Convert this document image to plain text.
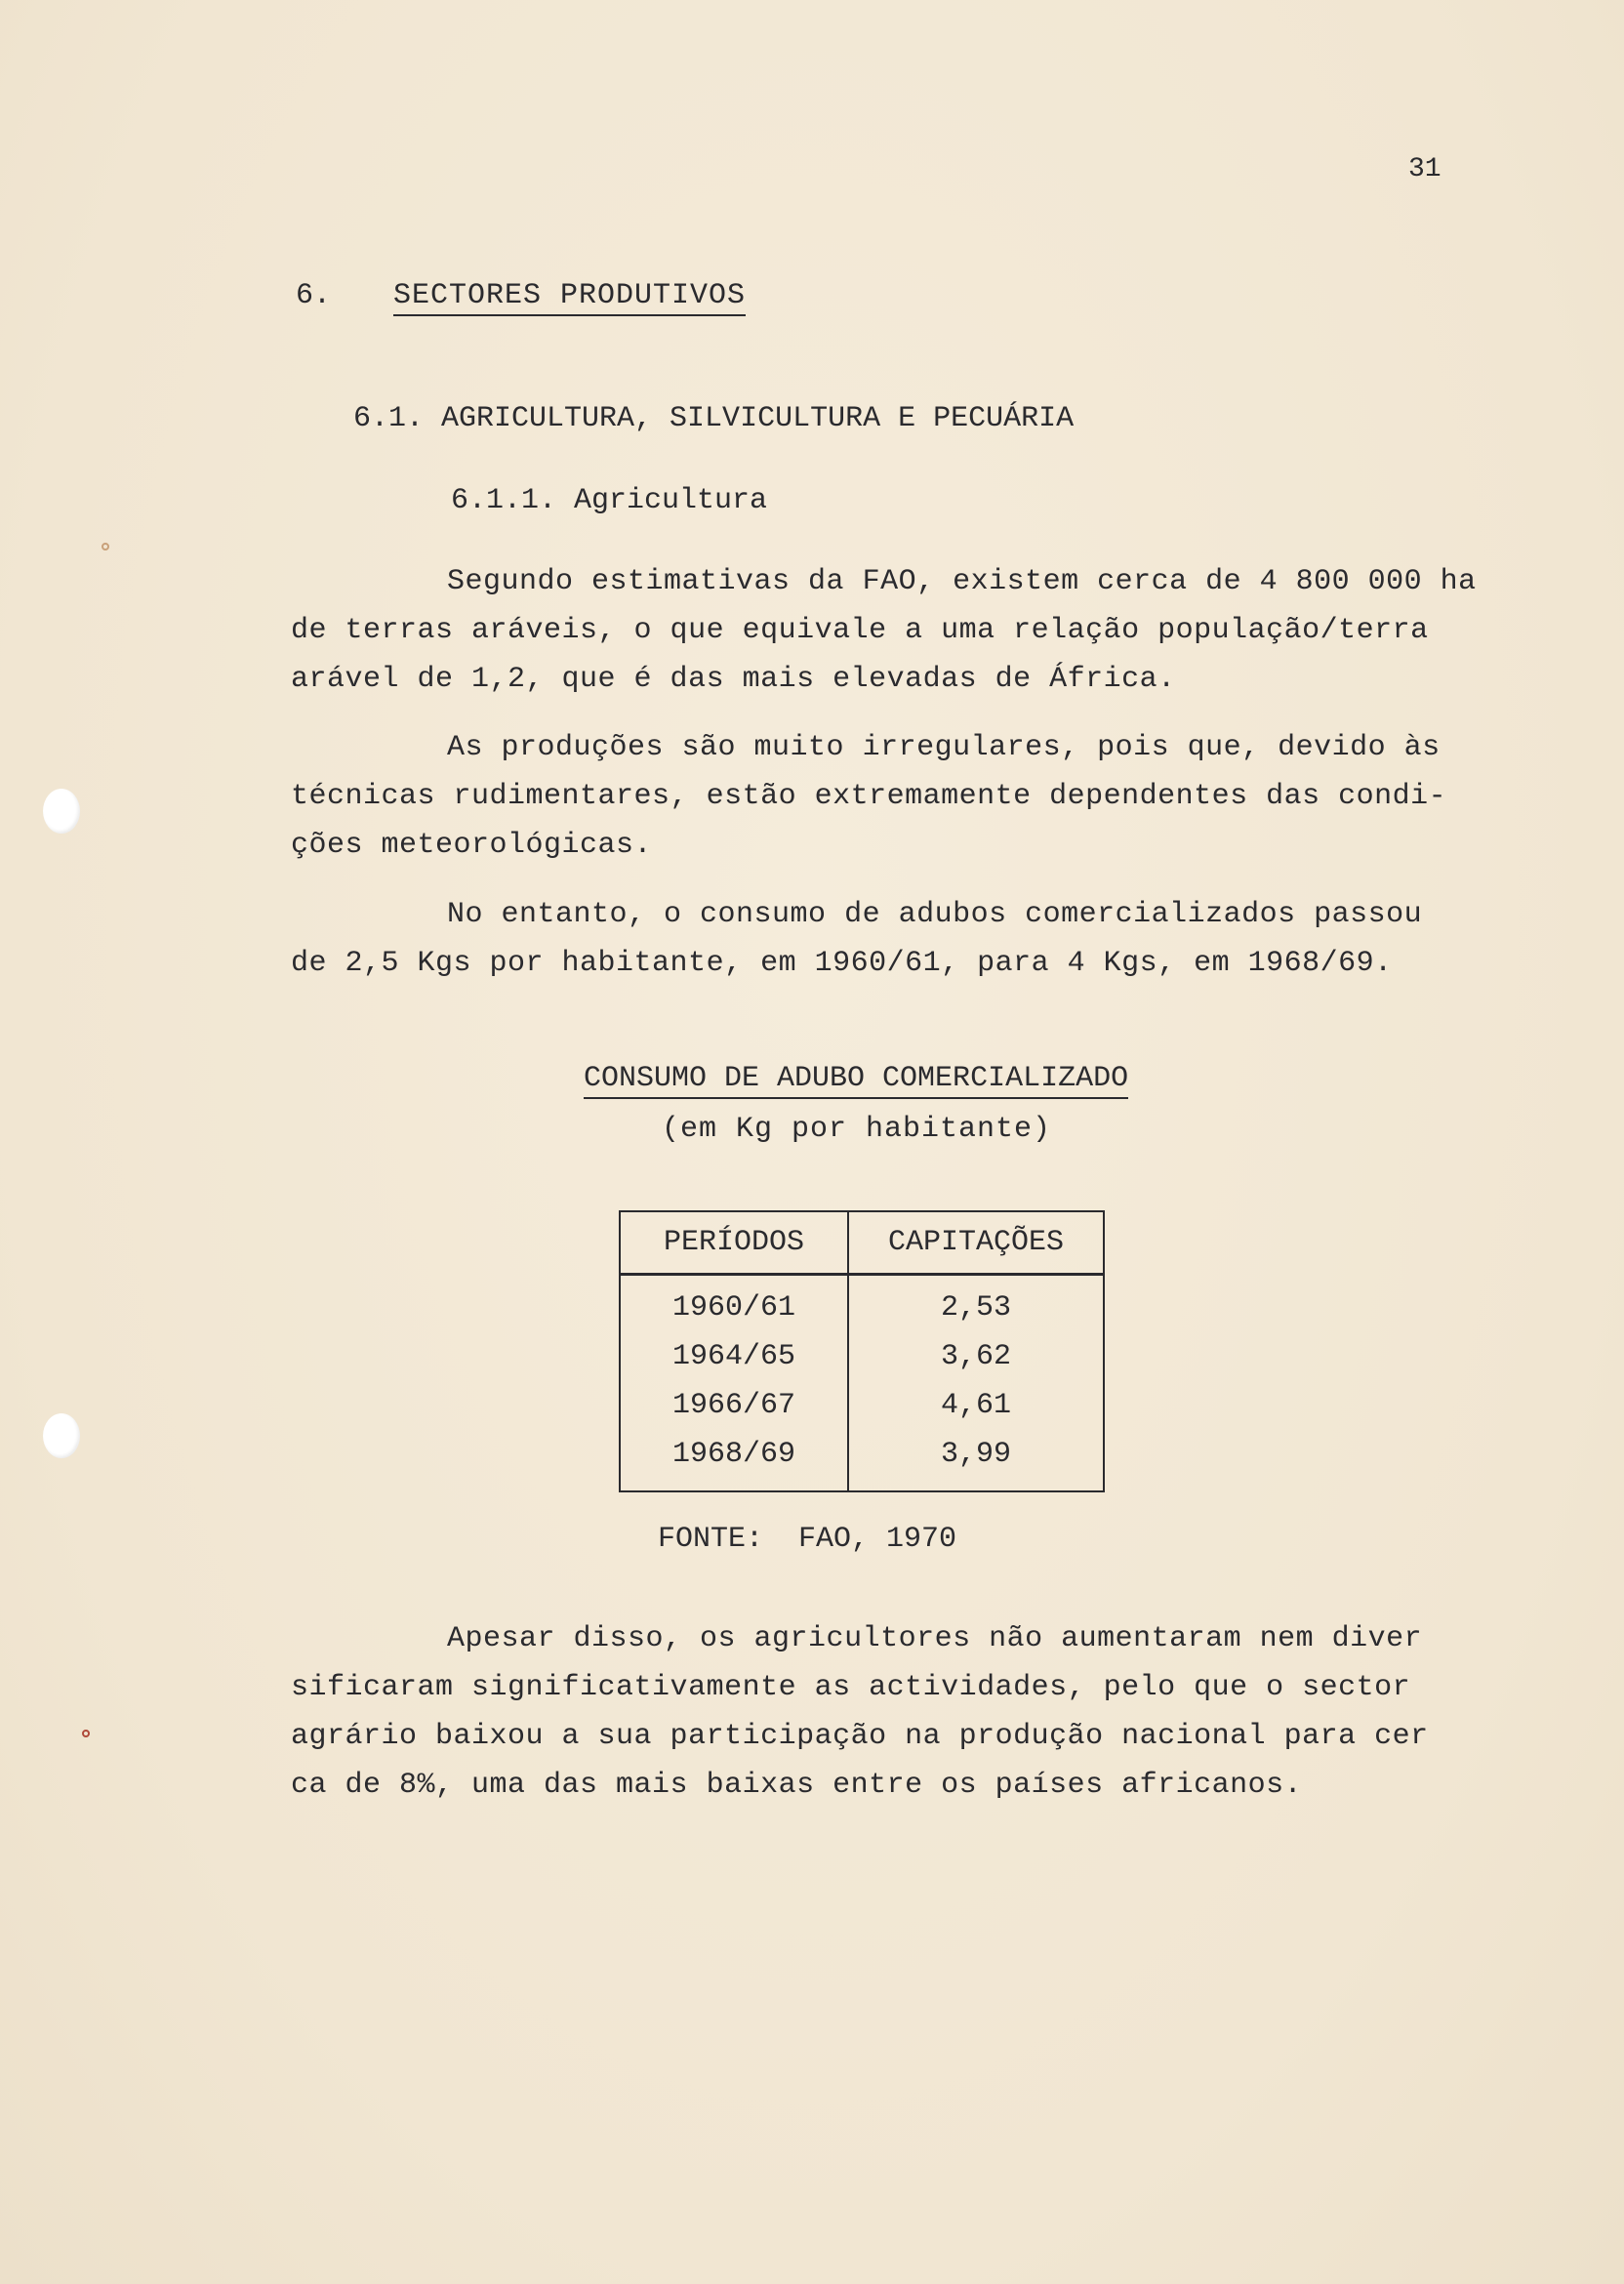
31
6. SECTORES PRODUTIVOS
6.1. AGRICULTURA, SILVICULTURA E PECUÁRIA
6.1.1. Agricultura
Segundo estimativas da FAO, existem cerca de 4 800 000 ha
de terras aráveis, o que equivale a uma relação população/terra
arável de 1,2, que é das mais elevadas de África.
As produções são muito irregulares, pois que, devido às
técnicas rudimentares, estão extremamente dependentes das condi-
ções meteorológicas.
No entanto, o consumo de adubos comercializados passou
de 2,5 Kgs por habitante, em 1960/61, para 4 Kgs, em 1968/69.
CONSUMO DE ADUBO COMERCIALIZADO
(em Kg por habitante)
PERÍODOS	CAPITAÇÕES
1960/61	2,53
1964/65	3,62
1966/67	4,61
1968/69	3,99
FONTE:  FAO, 1970
Apesar disso, os agricultores não aumentaram nem diver
sificaram significativamente as actividades, pelo que o sector
agrário baixou a sua participação na produção nacional para cer
ca de 8%, uma das mais baixas entre os países africanos.
